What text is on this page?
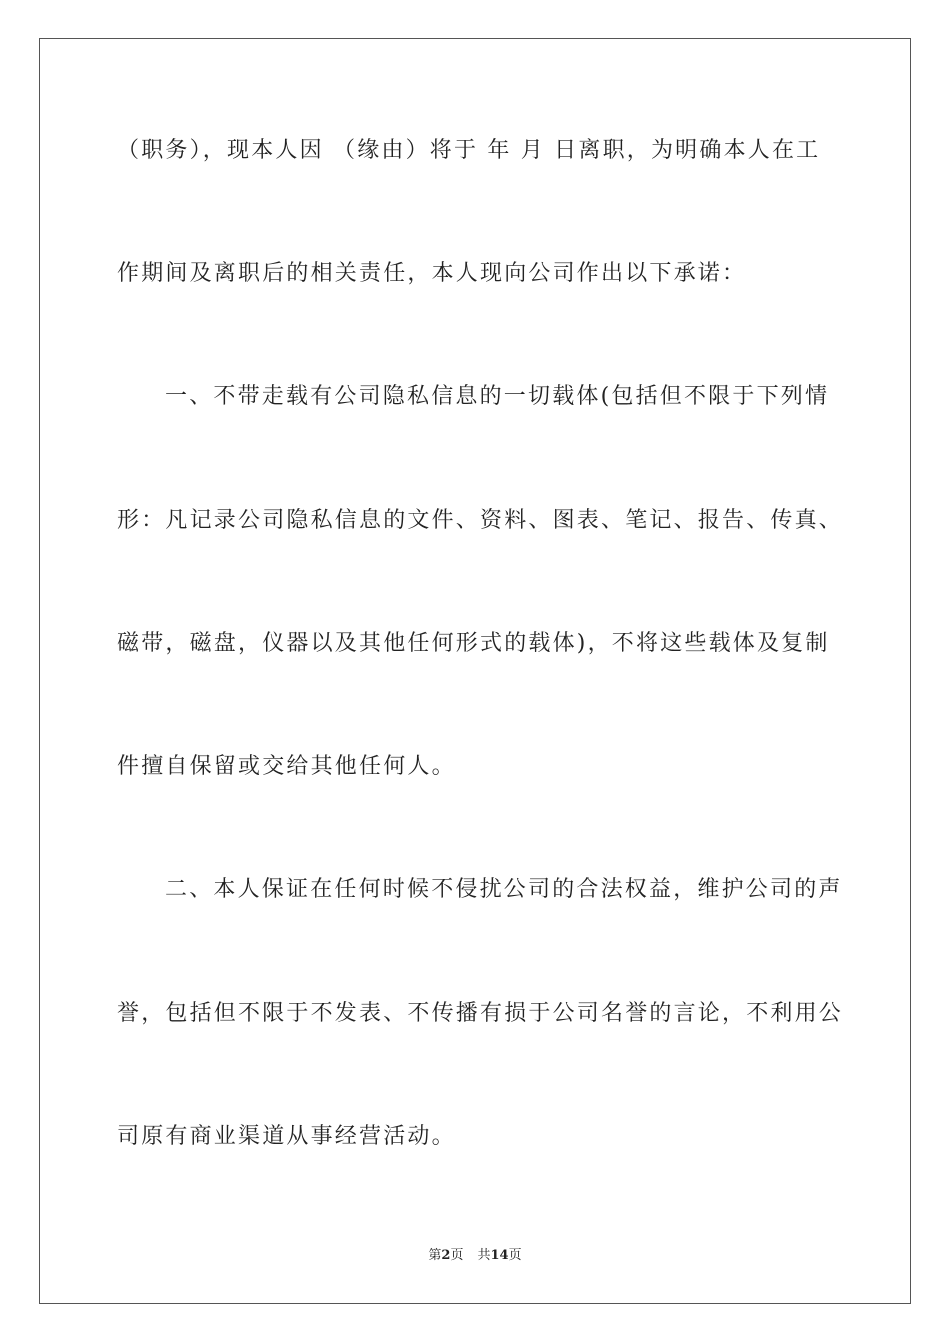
（职务），现本人因 （缘由）将于 年 月 日离职，为明确本人在工
作期间及离职后的相关责任，本人现向公司作出以下承诺：
一、不带走载有公司隐私信息的一切载体(包括但不限于下列情
形：凡记录公司隐私信息的文件、资料、图表、笔记、报告、传真、
磁带，磁盘，仪器以及其他任何形式的载体)，不将这些载体及复制
件擅自保留或交给其他任何人。
二、本人保证在任何时候不侵扰公司的合法权益，维护公司的声
誉，包括但不限于不发表、不传播有损于公司名誉的言论，不利用公
司原有商业渠道从事经营活动。
第2页 共14页
